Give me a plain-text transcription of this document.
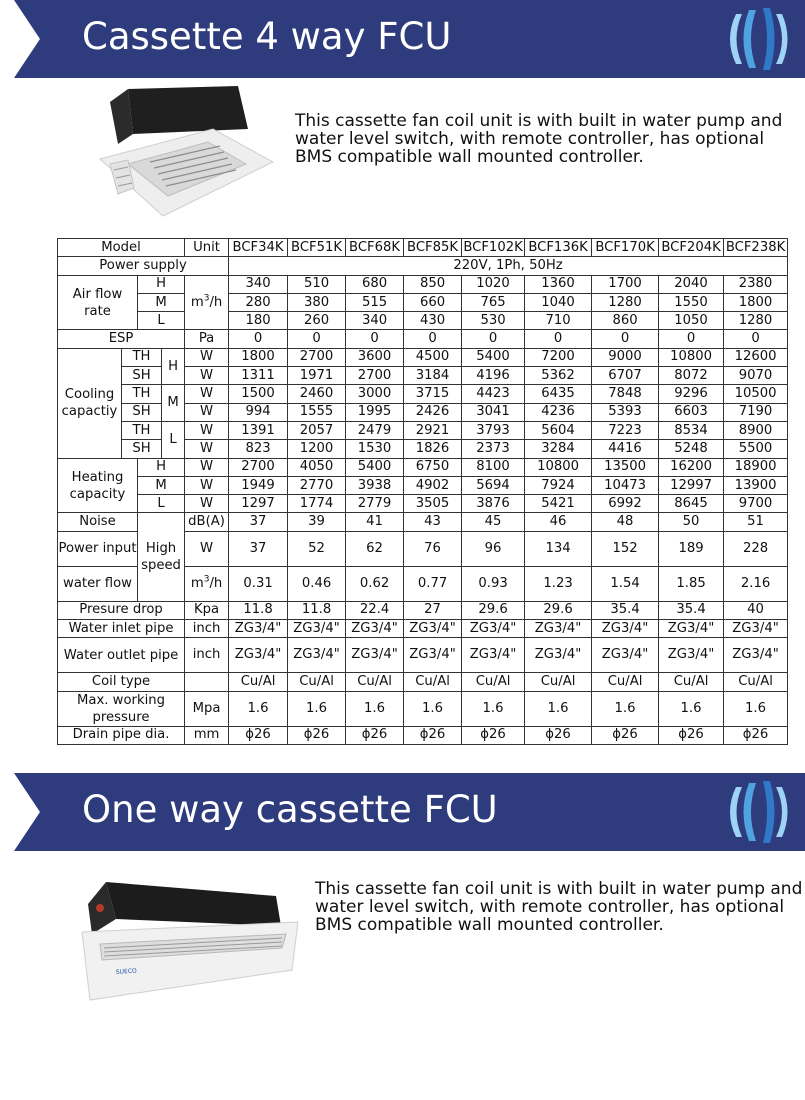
Cassette 4 way FCU
This cassette fan coil unit is with built in water pump and
water level switch, with remote controller, has optional
BMS compatible wall mounted controller.
Model				Unit	BCF34K	BCF51K	BCF68K	BCF85K	BCF102K	BCF136K	BCF170K	BCF204K	BCF238K
Power supply					220V, 1Ph, 50Hz								
Air flow rate		H		$m^3/h$	340	510	680	850	1020	1360	1700	2040	2380
		M			280	380	515	660	765	1040	1280	1550	1800
		L			180	260	340	430	530	710	860	1050	1280
ESP				Pa	0	0	0	0	0	0	0	0	0
Cooling capactiy	TH		H	W	1800	2700	3600	4500	5400	7200	9000	10800	12600
	SH			W	1311	1971	2700	3184	4196	5362	6707	8072	9070
	TH		M	W	1500	2460	3000	3715	4423	6435	7848	9296	10500
	SH			W	994	1555	1995	2426	3041	4236	5393	6603	7190
	TH		L	W	1391	2057	2479	2921	3793	5604	7223	8534	8900
	SH			W	823	1200	1530	1826	2373	3284	4416	5248	5500
Heating capacity		H		W	2700	4050	5400	6750	8100	10800	13500	16200	18900
		M		W	1949	2770	3938	4902	5694	7924	10473	12997	13900
		L		W	1297	1774	2779	3505	3876	5421	6992	8645	9700
Noise		High speed		dB(A)	37	39	41	43	45	46	48	50	51
Power input				W	37	52	62	76	96	134	152	189	228
water flow				$m^3/h$	0.31	0.46	0.62	0.77	0.93	1.23	1.54	1.85	2.16
Presure drop				Kpa	11.8	11.8	22.4	27	29.6	29.6	35.4	35.4	40
Water inlet pipe				inch	ZG3/4"	ZG3/4"	ZG3/4"	ZG3/4"	ZG3/4"	ZG3/4"	ZG3/4"	ZG3/4"	ZG3/4"
Water outlet pipe				inch	ZG3/4"	ZG3/4"	ZG3/4"	ZG3/4"	ZG3/4"	ZG3/4"	ZG3/4"	ZG3/4"	ZG3/4"
Coil type					Cu/Al	Cu/Al	Cu/Al	Cu/Al	Cu/Al	Cu/Al	Cu/Al	Cu/Al	Cu/Al
Max. working pressure				Mpa	1.6	1.6	1.6	1.6	1.6	1.6	1.6	1.6	1.6
Drain pipe dia.				mm	ϕ26	ϕ26	ϕ26	ϕ26	ϕ26	ϕ26	ϕ26	ϕ26	ϕ26
One way cassette FCU
SUECO
This cassette fan coil unit is with built in water pump and
water level switch, with remote controller, has optional
BMS compatible wall mounted controller.
